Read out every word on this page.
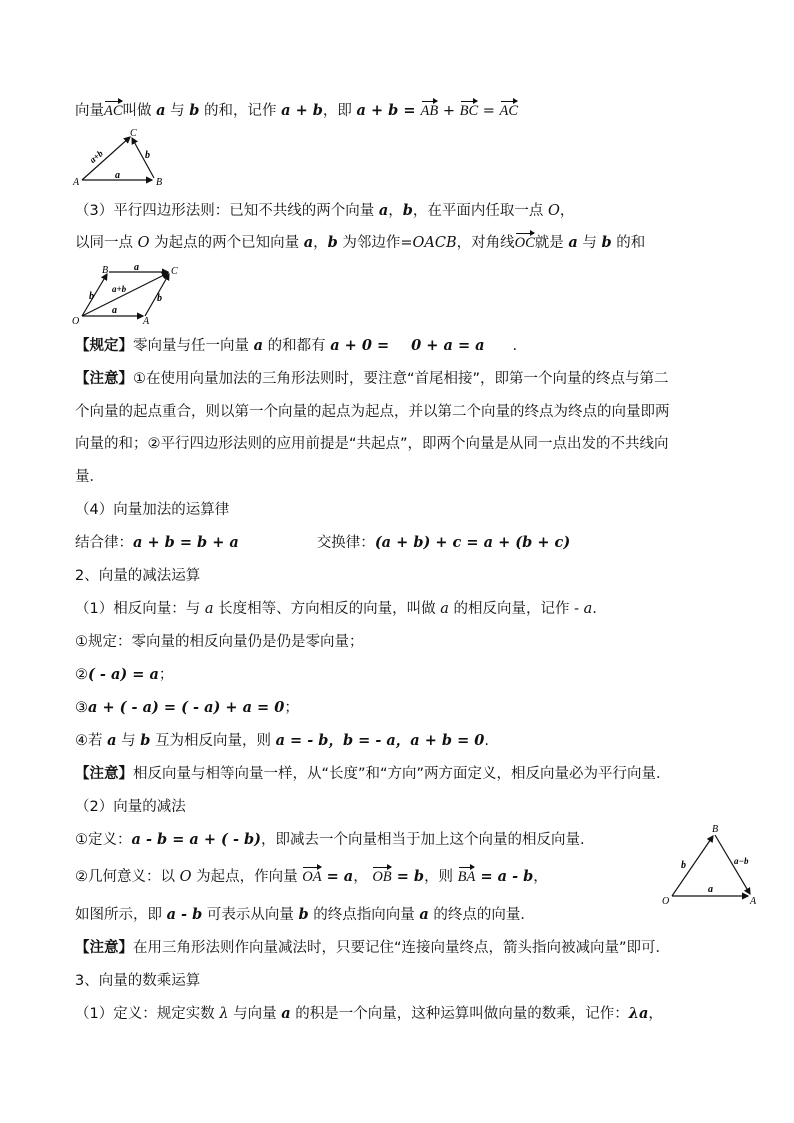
向量AC叫做 a 与 b 的和，记作 a + b，即 a + b = AB + BC = AC
A	B
C
a+b	b
a
（3）平行四边形法则：已知不共线的两个向量 a，b，在平面内任取一点 O，
以同一点 O 为起点的两个已知向量 a，b 为邻边作=OACB，对角线OC就是 a 与 b 的和
O	A
B	C
a
b
a+b
b
a
【规定】零向量与任一向量 a 的和都有 a + 0 = 0 + a = a .
【注意】①在使用向量加法的三角形法则时，要注意“首尾相接”，即第一个向量的终点与第二
个向量的起点重合，则以第一个向量的起点为起点，并以第二个向量的终点为终点的向量即两
向量的和；②平行四边形法则的应用前提是“共起点”，即两个向量是从同一点出发的不共线向
量．
（4）向量加法的运算律
结合律：a + b = b + a	交换律：(a + b) + c = a + (b + c)
2、向量的减法运算
（1）相反向量：与 a 长度相等、方向相反的向量，叫做 a 的相反向量，记作 - a.
①规定：零向量的相反向量仍是仍是零向量；
②( - a) = a；
③a + ( - a) = ( - a) + a = 0；
④若 a 与 b 互为相反向量，则 a = - b，b = - a，a + b = 0.
【注意】相反向量与相等向量一样，从“长度”和“方向”两方面定义，相反向量必为平行向量．
（2）向量的减法
①定义：a - b = a + ( - b)，即减去一个向量相当于加上这个向量的相反向量.
②几何意义：以 O 为起点，作向量 OA = a， OB = b，则 BA = a - b，
O	A
B
b	a−b
a
如图所示，即 a - b 可表示从向量 b 的终点指向向量 a 的终点的向量．
【注意】在用三角形法则作向量减法时，只要记住“连接向量终点，箭头指向被减向量”即可．
3、向量的数乘运算
（1）定义：规定实数 λ 与向量 a 的积是一个向量，这种运算叫做向量的数乘，记作：λa，
